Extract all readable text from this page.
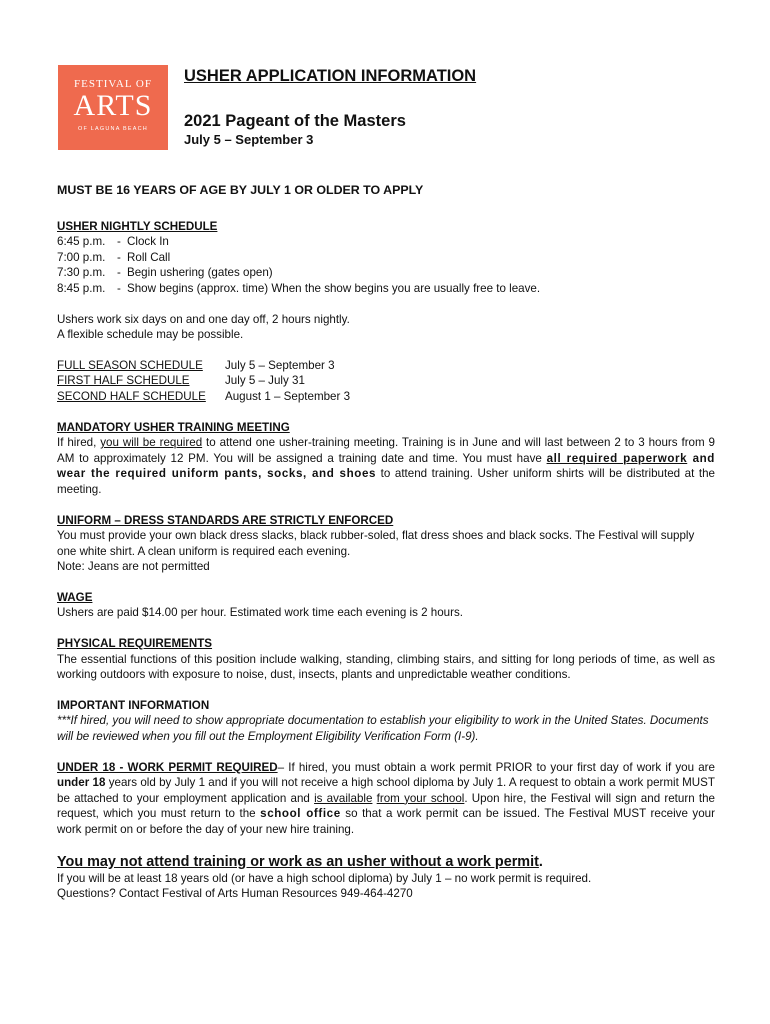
FESTIVAL OF
ARTS
OF LAGUNA BEACH
USHER APPLICATION INFORMATION
2021 Pageant of the Masters
July 5 – September 3
MUST BE 16 YEARS OF AGE BY JULY 1 OR OLDER TO APPLY
USHER NIGHTLY SCHEDULE
6:45 p.m.	-	Clock In
7:00 p.m.	-	Roll Call
7:30 p.m.	-	Begin ushering (gates open)
8:45 p.m.	-	Show begins (approx. time) When the show begins you are usually free to leave.
Ushers work six days on and one day off, 2 hours nightly.
A flexible schedule may be possible.
FULL SEASON SCHEDULE	July 5 – September 3
FIRST HALF SCHEDULE	July 5 – July 31
SECOND HALF SCHEDULE	August 1 – September 3
MANDATORY USHER TRAINING MEETING
If hired, you will be required to attend one usher-training meeting. Training is in June and will last between 2 to 3 hours from 9 AM to approximately 12 PM. You will be assigned a training date and time. You must have all required paperwork and wear the required uniform pants, socks, and shoes to attend training. Usher uniform shirts will be distributed at the meeting.
UNIFORM – DRESS STANDARDS ARE STRICTLY ENFORCED
You must provide your own black dress slacks, black rubber-soled, flat dress shoes and black socks. The Festival will supply one white shirt. A clean uniform is required each evening.
Note: Jeans are not permitted
WAGE
Ushers are paid $14.00 per hour. Estimated work time each evening is 2 hours.
PHYSICAL REQUIREMENTS
The essential functions of this position include walking, standing, climbing stairs, and sitting for long periods of time, as well as working outdoors with exposure to noise, dust, insects, plants and unpredictable weather conditions.
IMPORTANT INFORMATION
***If hired, you will need to show appropriate documentation to establish your eligibility to work in the United States. Documents will be reviewed when you fill out the Employment Eligibility Verification Form (I-9).
UNDER 18 - WORK PERMIT REQUIRED– If hired, you must obtain a work permit PRIOR to your first day of work if you are under 18 years old by July 1 and if you will not receive a high school diploma by July 1. A request to obtain a work permit MUST be attached to your employment application and is available from your school. Upon hire, the Festival will sign and return the request, which you must return to the school office so that a work permit can be issued. The Festival MUST receive your work permit on or before the day of your new hire training.
You may not attend training or work as an usher without a work permit.
If you will be at least 18 years old (or have a high school diploma) by July 1 – no work permit is required.
Questions? Contact Festival of Arts Human Resources 949-464-4270
